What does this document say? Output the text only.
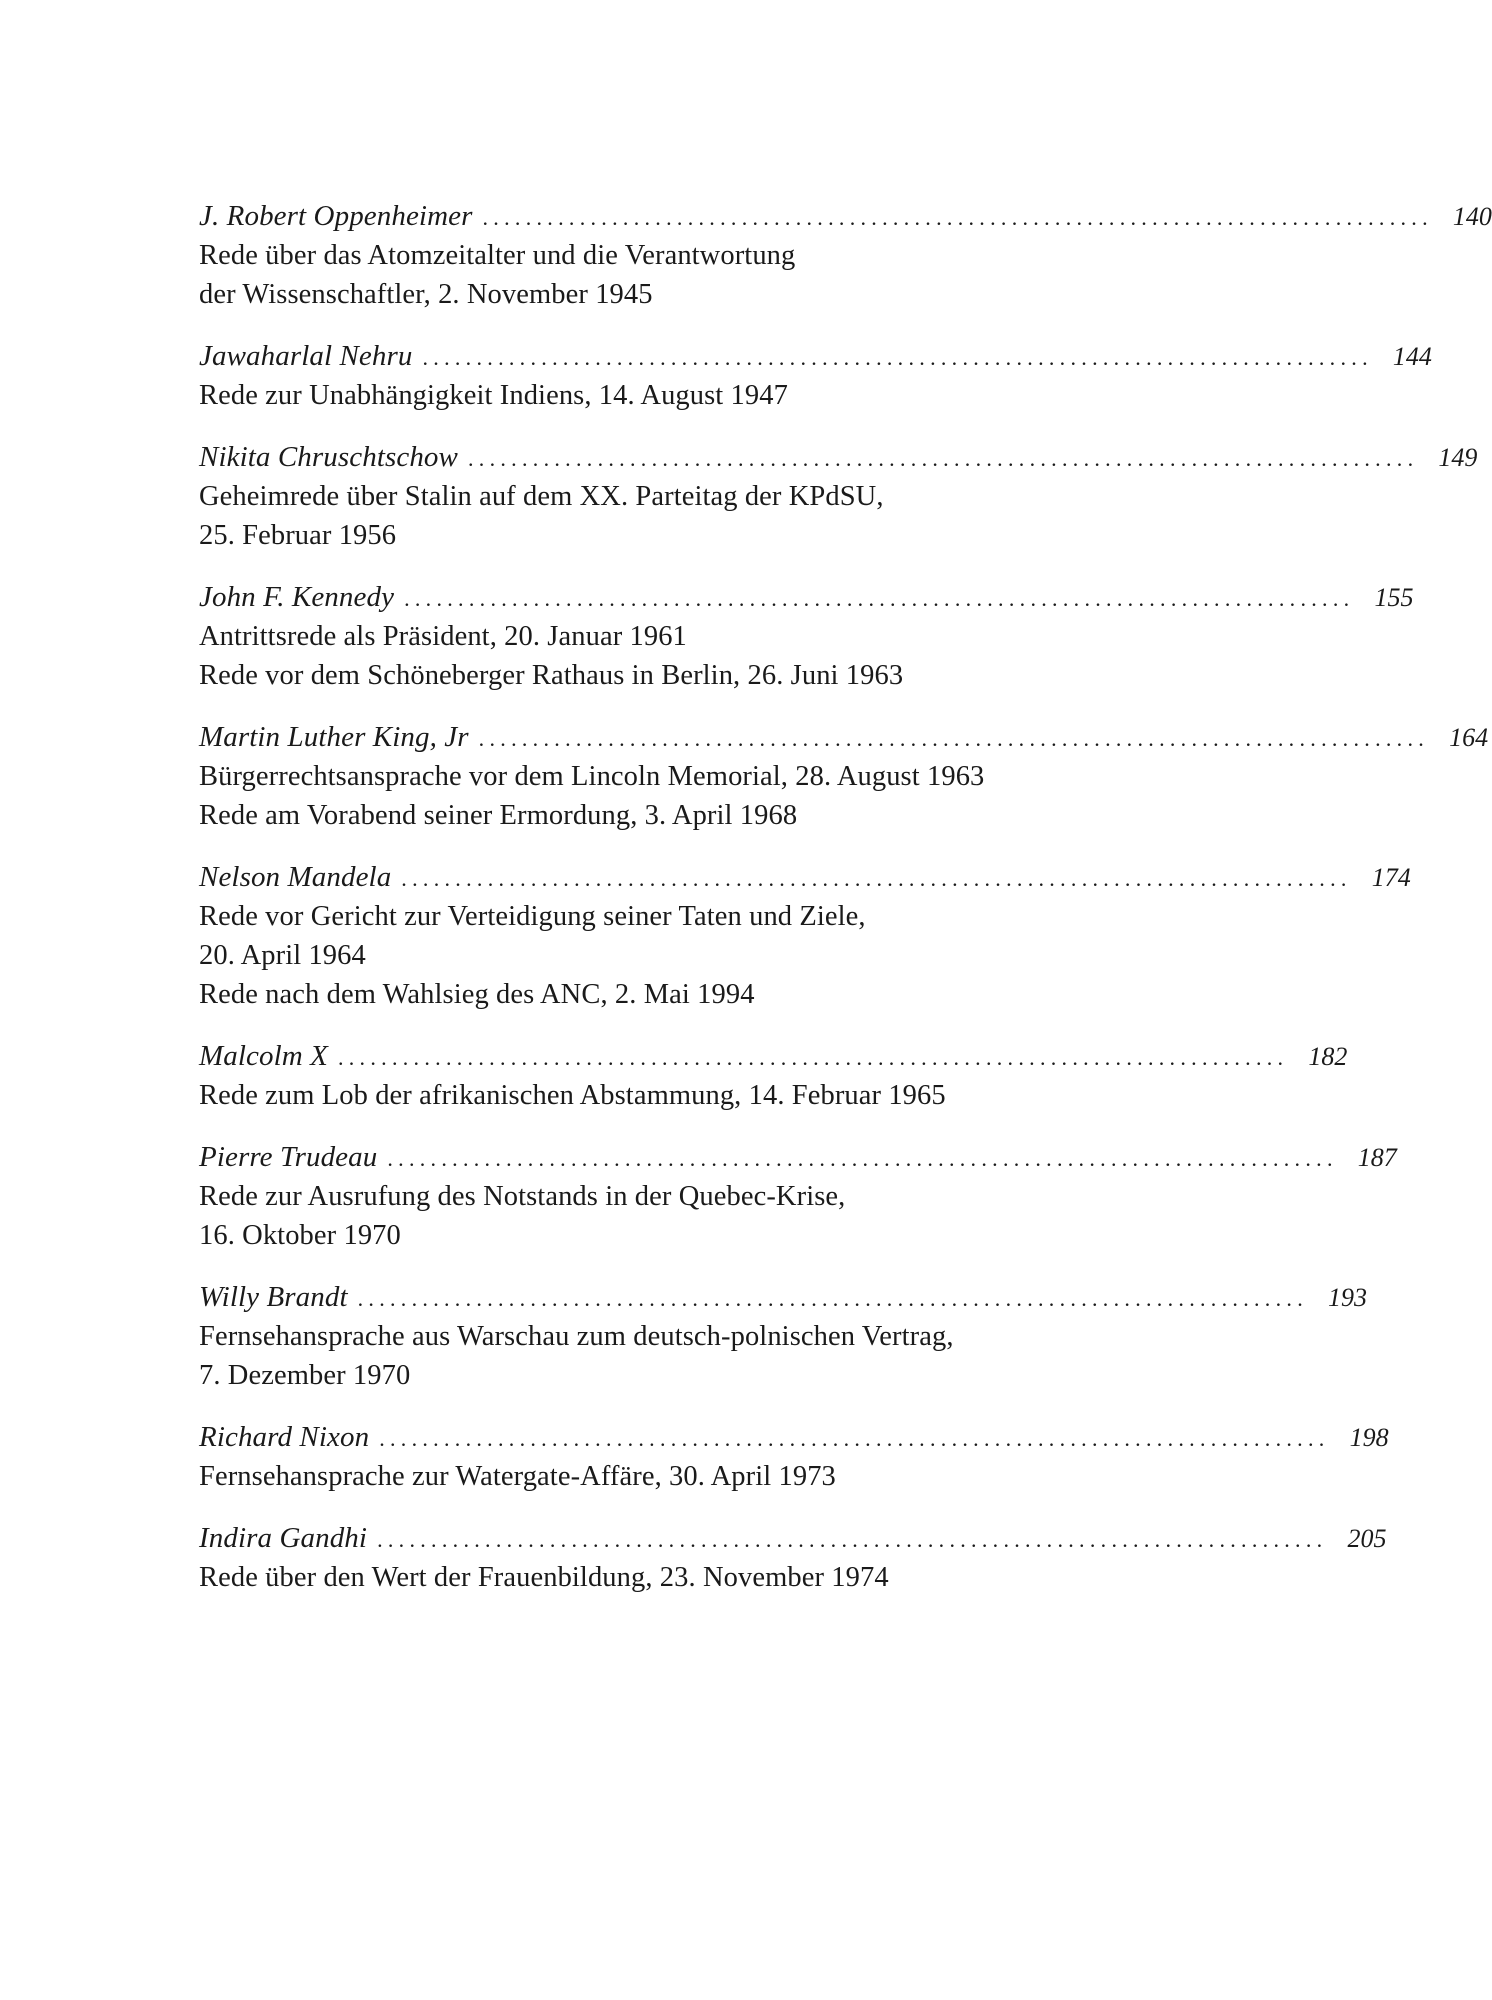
J. Robert Oppenheimer ........................................................................................ 140
Rede über das Atomzeitalter und die Verantwortung
der Wissenschaftler, 2. November 1945
Jawaharlal Nehru ........................................................................................ 144
Rede zur Unabhängigkeit Indiens, 14. August 1947
Nikita Chruschtschow ........................................................................................ 149
Geheimrede über Stalin auf dem XX. Parteitag der KPdSU,
25. Februar 1956
John F. Kennedy ........................................................................................ 155
Antrittsrede als Präsident, 20. Januar 1961
Rede vor dem Schöneberger Rathaus in Berlin, 26. Juni 1963
Martin Luther King, Jr ........................................................................................ 164
Bürgerrechtsansprache vor dem Lincoln Memorial, 28. August 1963
Rede am Vorabend seiner Ermordung, 3. April 1968
Nelson Mandela ........................................................................................ 174
Rede vor Gericht zur Verteidigung seiner Taten und Ziele,
20. April 1964
Rede nach dem Wahlsieg des ANC, 2. Mai 1994
Malcolm X ........................................................................................ 182
Rede zum Lob der afrikanischen Abstammung, 14. Februar 1965
Pierre Trudeau ........................................................................................ 187
Rede zur Ausrufung des Notstands in der Quebec-Krise,
16. Oktober 1970
Willy Brandt ........................................................................................ 193
Fernsehansprache aus Warschau zum deutsch-polnischen Vertrag,
7. Dezember 1970
Richard Nixon ........................................................................................ 198
Fernsehansprache zur Watergate-Affäre, 30. April 1973
Indira Gandhi ........................................................................................ 205
Rede über den Wert der Frauenbildung, 23. November 1974
